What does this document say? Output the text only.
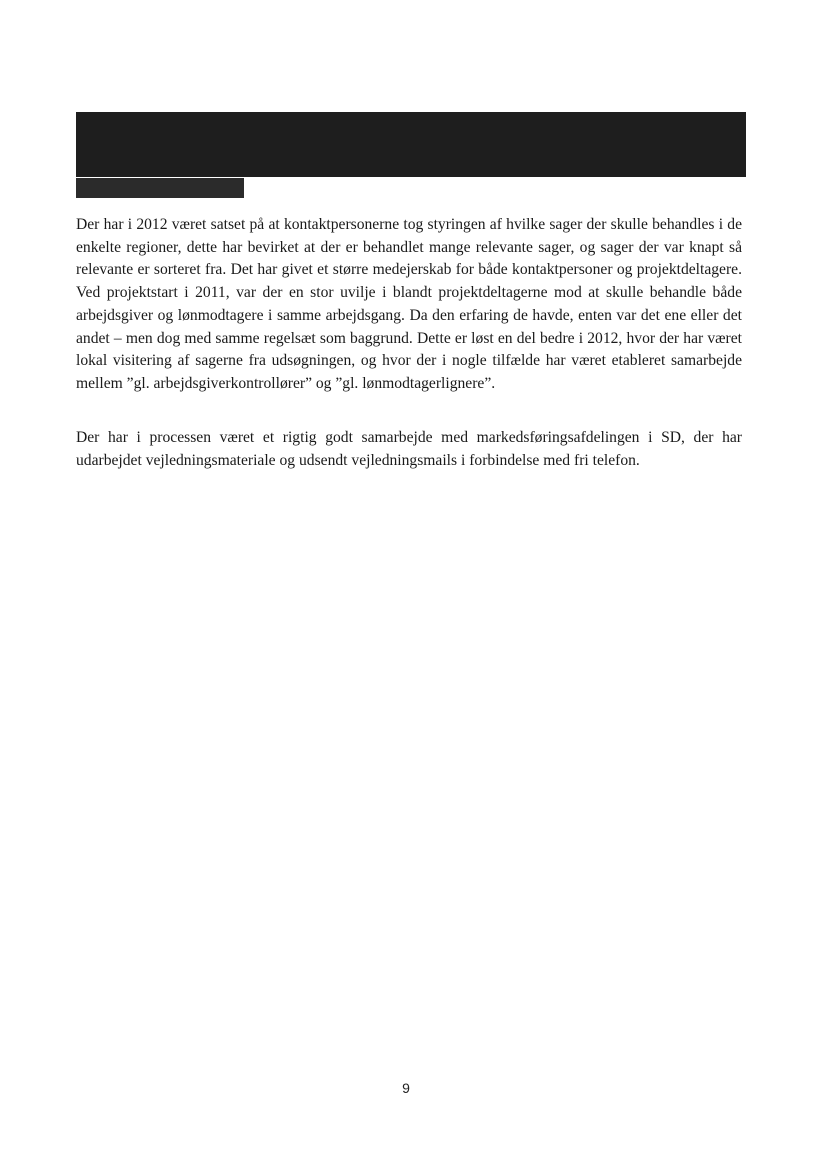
Der har i 2012 været satset på at kontaktpersonerne tog styringen af hvilke sager der skulle behandles i de enkelte regioner, dette har bevirket at der er behandlet mange relevante sager, og sager der var knapt så relevante er sorteret fra. Det har givet et større medejerskab for både kontaktpersoner og projektdeltagere. Ved projektstart i 2011, var der en stor uvilje i blandt projektdeltagerne mod at skulle behandle både arbejdsgiver og lønmodtagere i samme arbejdsgang. Da den erfaring de havde, enten var det ene eller det andet – men dog med samme regelsæt som baggrund. Dette er løst en del bedre i 2012, hvor der har været lokal visitering af sagerne fra udsøgningen, og hvor der i nogle tilfælde har været etableret samarbejde mellem ”gl. arbejdsgiverkontrollører” og ”gl. lønmodtagerlignere”.

Der har i processen været et rigtig godt samarbejde med markedsføringsafdelingen i SD, der har udarbejdet vejledningsmateriale og udsendt vejledningsmails i forbindelse med fri telefon.

9
